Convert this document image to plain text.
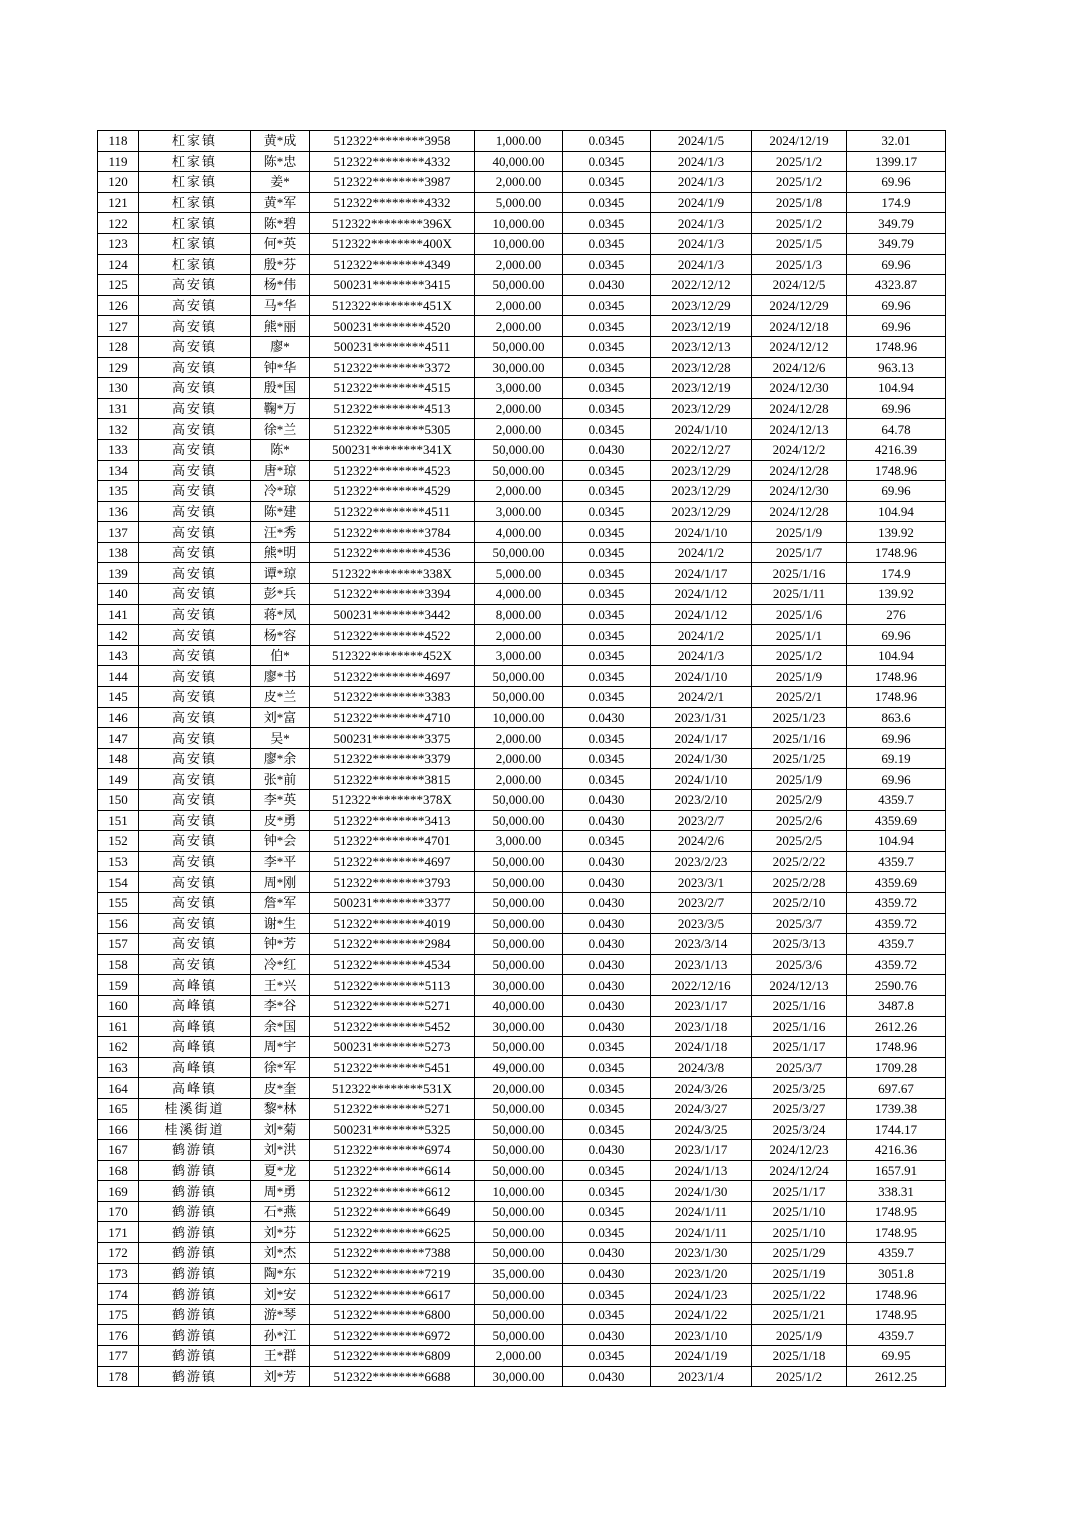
118	杠家镇	黄*成	512322********3958	1,000.00	0.0345	2024/1/5	2024/12/19	32.01
119	杠家镇	陈*忠	512322********4332	40,000.00	0.0345	2024/1/3	2025/1/2	1399.17
120	杠家镇	姜*	512322********3987	2,000.00	0.0345	2024/1/3	2025/1/2	69.96
121	杠家镇	黄*军	512322********4332	5,000.00	0.0345	2024/1/9	2025/1/8	174.9
122	杠家镇	陈*碧	512322********396X	10,000.00	0.0345	2024/1/3	2025/1/2	349.79
123	杠家镇	何*英	512322********400X	10,000.00	0.0345	2024/1/3	2025/1/5	349.79
124	杠家镇	殷*芬	512322********4349	2,000.00	0.0345	2024/1/3	2025/1/3	69.96
125	高安镇	杨*伟	500231********3415	50,000.00	0.0430	2022/12/12	2024/12/5	4323.87
126	高安镇	马*华	512322********451X	2,000.00	0.0345	2023/12/29	2024/12/29	69.96
127	高安镇	熊*丽	500231********4520	2,000.00	0.0345	2023/12/19	2024/12/18	69.96
128	高安镇	廖*	500231********4511	50,000.00	0.0345	2023/12/13	2024/12/12	1748.96
129	高安镇	钟*华	512322********3372	30,000.00	0.0345	2023/12/28	2024/12/6	963.13
130	高安镇	殷*国	512322********4515	3,000.00	0.0345	2023/12/19	2024/12/30	104.94
131	高安镇	鞠*万	512322********4513	2,000.00	0.0345	2023/12/29	2024/12/28	69.96
132	高安镇	徐*兰	512322********5305	2,000.00	0.0345	2024/1/10	2024/12/13	64.78
133	高安镇	陈*	500231********341X	50,000.00	0.0430	2022/12/27	2024/12/2	4216.39
134	高安镇	唐*琼	512322********4523	50,000.00	0.0345	2023/12/29	2024/12/28	1748.96
135	高安镇	冷*琼	512322********4529	2,000.00	0.0345	2023/12/29	2024/12/30	69.96
136	高安镇	陈*建	512322********4511	3,000.00	0.0345	2023/12/29	2024/12/28	104.94
137	高安镇	汪*秀	512322********3784	4,000.00	0.0345	2024/1/10	2025/1/9	139.92
138	高安镇	熊*明	512322********4536	50,000.00	0.0345	2024/1/2	2025/1/7	1748.96
139	高安镇	谭*琼	512322********338X	5,000.00	0.0345	2024/1/17	2025/1/16	174.9
140	高安镇	彭*兵	512322********3394	4,000.00	0.0345	2024/1/12	2025/1/11	139.92
141	高安镇	蒋*凤	500231********3442	8,000.00	0.0345	2024/1/12	2025/1/6	276
142	高安镇	杨*容	512322********4522	2,000.00	0.0345	2024/1/2	2025/1/1	69.96
143	高安镇	伯*	512322********452X	3,000.00	0.0345	2024/1/3	2025/1/2	104.94
144	高安镇	廖*书	512322********4697	50,000.00	0.0345	2024/1/10	2025/1/9	1748.96
145	高安镇	皮*兰	512322********3383	50,000.00	0.0345	2024/2/1	2025/2/1	1748.96
146	高安镇	刘*富	512322********4710	10,000.00	0.0430	2023/1/31	2025/1/23	863.6
147	高安镇	吴*	500231********3375	2,000.00	0.0345	2024/1/17	2025/1/16	69.96
148	高安镇	廖*余	512322********3379	2,000.00	0.0345	2024/1/30	2025/1/25	69.19
149	高安镇	张*前	512322********3815	2,000.00	0.0345	2024/1/10	2025/1/9	69.96
150	高安镇	李*英	512322********378X	50,000.00	0.0430	2023/2/10	2025/2/9	4359.7
151	高安镇	皮*勇	512322********3413	50,000.00	0.0430	2023/2/7	2025/2/6	4359.69
152	高安镇	钟*会	512322********4701	3,000.00	0.0345	2024/2/6	2025/2/5	104.94
153	高安镇	李*平	512322********4697	50,000.00	0.0430	2023/2/23	2025/2/22	4359.7
154	高安镇	周*刚	512322********3793	50,000.00	0.0430	2023/3/1	2025/2/28	4359.69
155	高安镇	詹*军	500231********3377	50,000.00	0.0430	2023/2/7	2025/2/10	4359.72
156	高安镇	谢*生	512322********4019	50,000.00	0.0430	2023/3/5	2025/3/7	4359.72
157	高安镇	钟*芳	512322********2984	50,000.00	0.0430	2023/3/14	2025/3/13	4359.7
158	高安镇	冷*红	512322********4534	50,000.00	0.0430	2023/1/13	2025/3/6	4359.72
159	高峰镇	王*兴	512322********5113	30,000.00	0.0430	2022/12/16	2024/12/13	2590.76
160	高峰镇	李*谷	512322********5271	40,000.00	0.0430	2023/1/17	2025/1/16	3487.8
161	高峰镇	余*国	512322********5452	30,000.00	0.0430	2023/1/18	2025/1/16	2612.26
162	高峰镇	周*宇	500231********5273	50,000.00	0.0345	2024/1/18	2025/1/17	1748.96
163	高峰镇	徐*军	512322********5451	49,000.00	0.0345	2024/3/8	2025/3/7	1709.28
164	高峰镇	皮*奎	512322********531X	20,000.00	0.0345	2024/3/26	2025/3/25	697.67
165	桂溪街道	黎*林	512322********5271	50,000.00	0.0345	2024/3/27	2025/3/27	1739.38
166	桂溪街道	刘*菊	500231********5325	50,000.00	0.0345	2024/3/25	2025/3/24	1744.17
167	鹤游镇	刘*洪	512322********6974	50,000.00	0.0430	2023/1/17	2024/12/23	4216.36
168	鹤游镇	夏*龙	512322********6614	50,000.00	0.0345	2024/1/13	2024/12/24	1657.91
169	鹤游镇	周*勇	512322********6612	10,000.00	0.0345	2024/1/30	2025/1/17	338.31
170	鹤游镇	石*燕	512322********6649	50,000.00	0.0345	2024/1/11	2025/1/10	1748.95
171	鹤游镇	刘*芬	512322********6625	50,000.00	0.0345	2024/1/11	2025/1/10	1748.95
172	鹤游镇	刘*杰	512322********7388	50,000.00	0.0430	2023/1/30	2025/1/29	4359.7
173	鹤游镇	陶*东	512322********7219	35,000.00	0.0430	2023/1/20	2025/1/19	3051.8
174	鹤游镇	刘*安	512322********6617	50,000.00	0.0345	2024/1/23	2025/1/22	1748.96
175	鹤游镇	游*琴	512322********6800	50,000.00	0.0345	2024/1/22	2025/1/21	1748.95
176	鹤游镇	孙*江	512322********6972	50,000.00	0.0430	2023/1/10	2025/1/9	4359.7
177	鹤游镇	王*群	512322********6809	2,000.00	0.0345	2024/1/19	2025/1/18	69.95
178	鹤游镇	刘*芳	512322********6688	30,000.00	0.0430	2023/1/4	2025/1/2	2612.25
